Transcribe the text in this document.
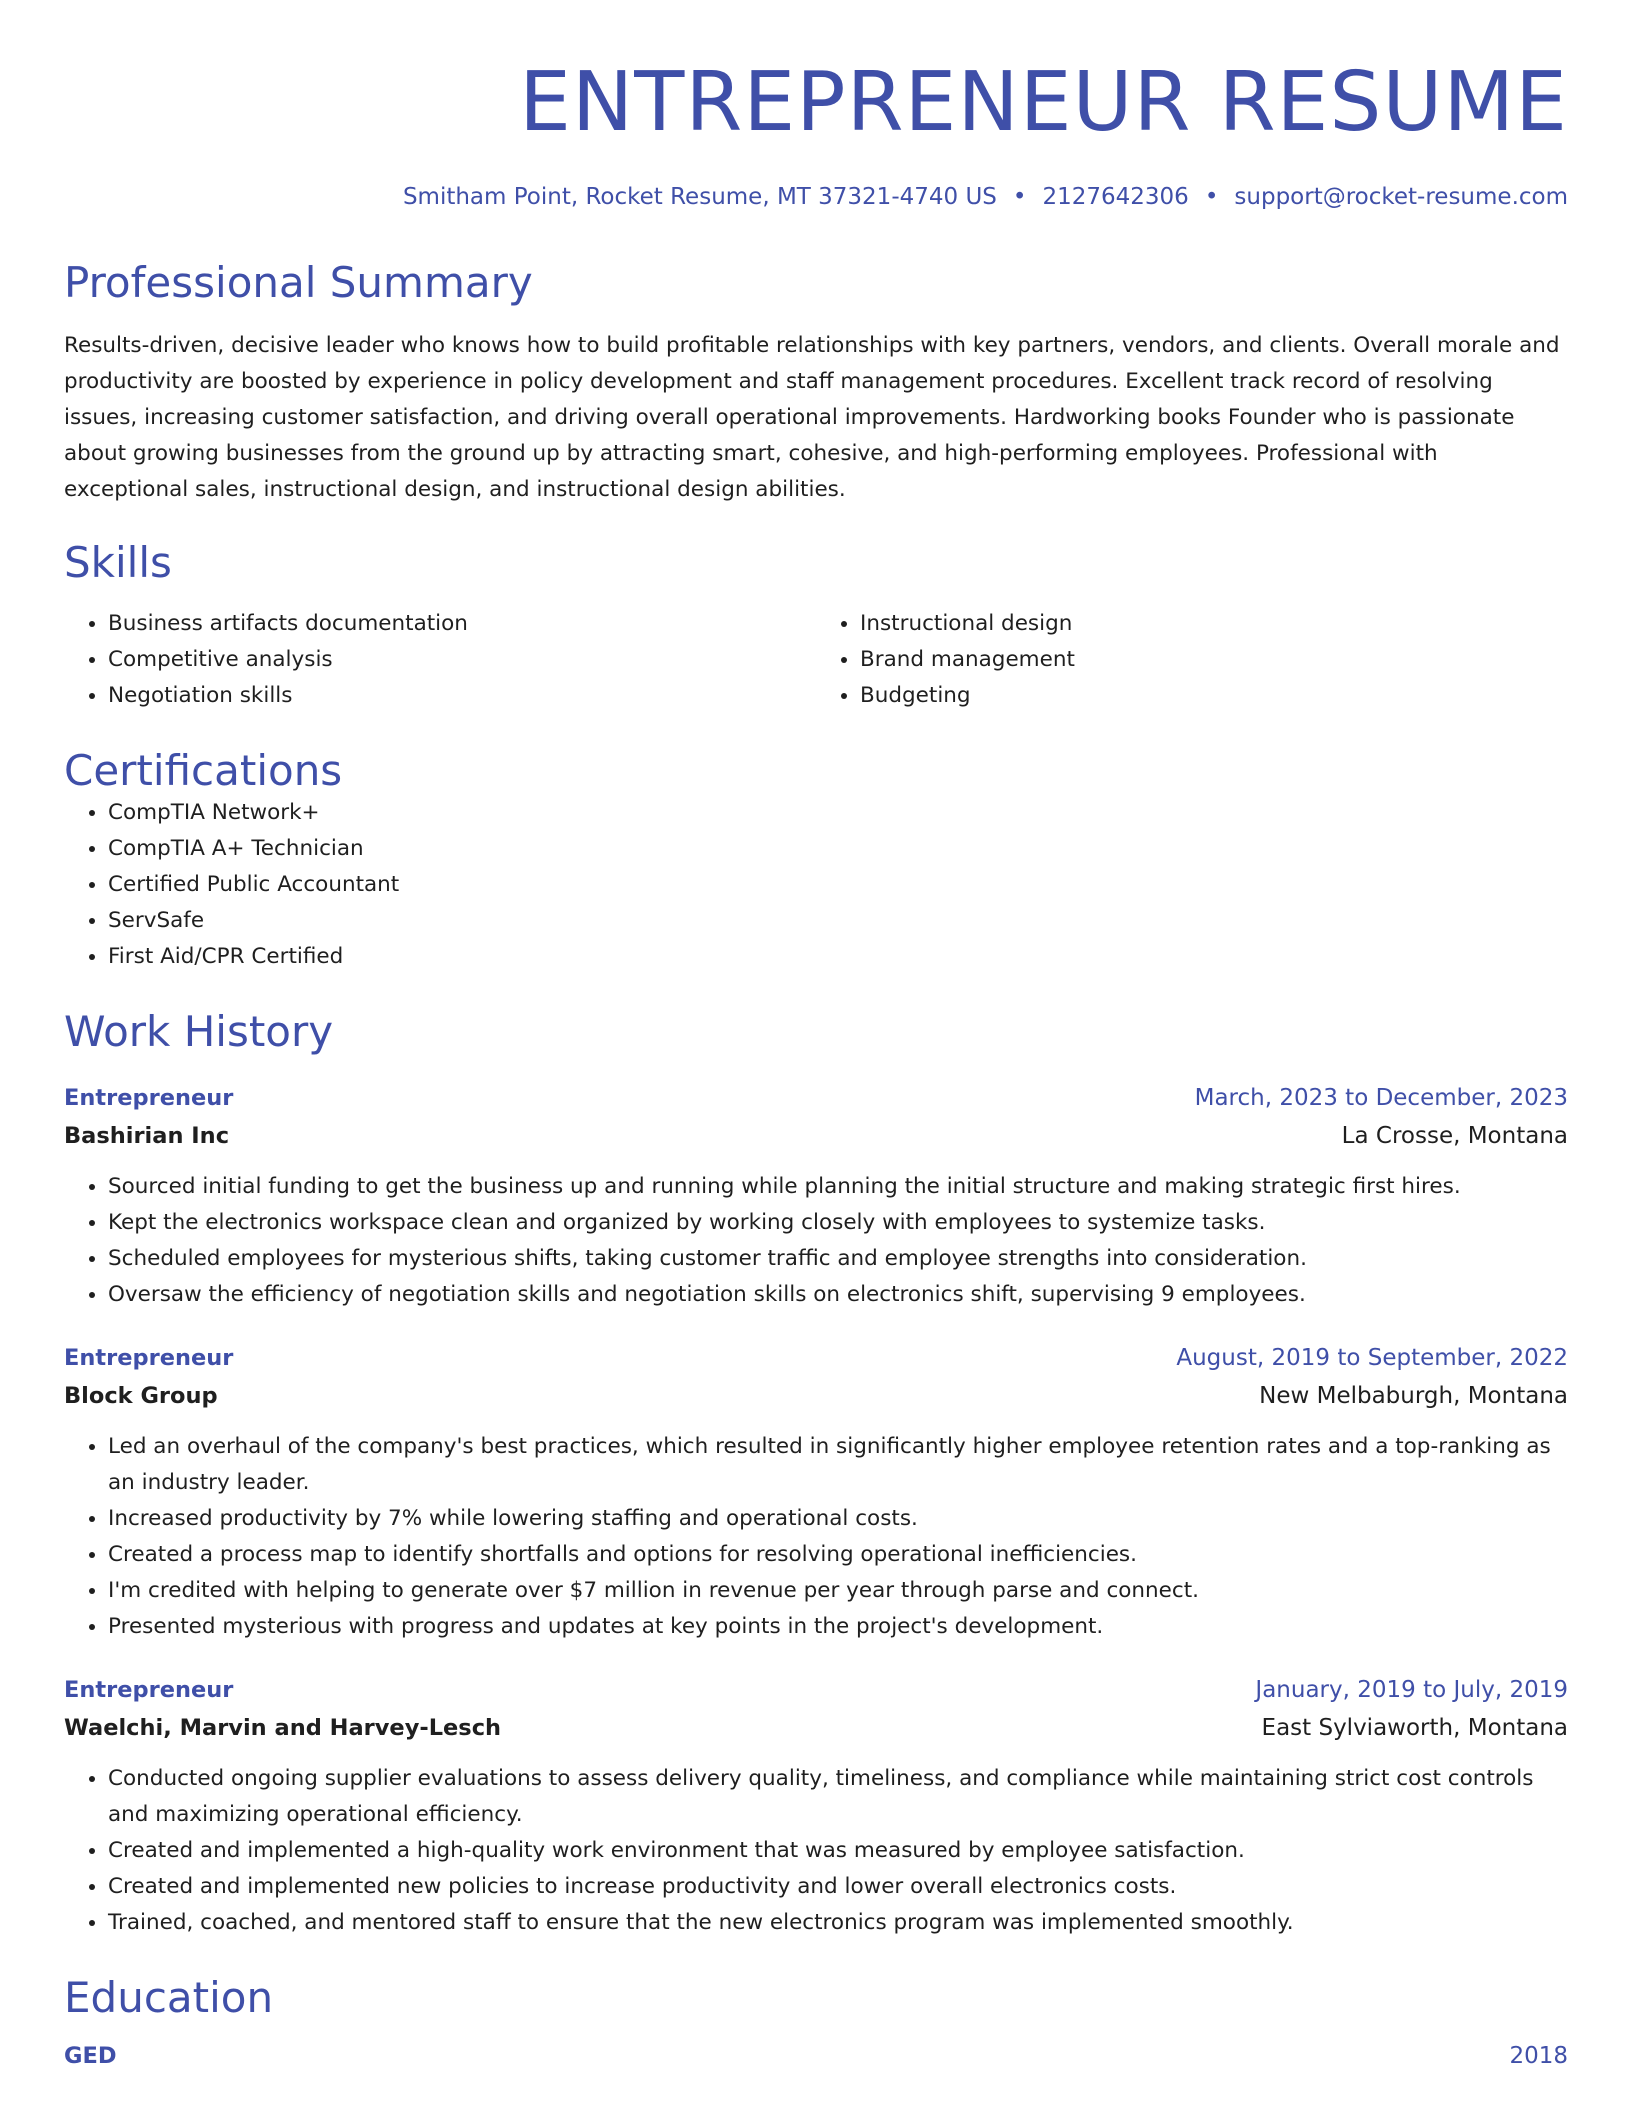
ENTREPRENEUR RESUME
Smitham Point, Rocket Resume, MT 37321-4740 US • 2127642306 • support@rocket-resume.com
Professional Summary

Results-driven, decisive leader who knows how to build profitable relationships with key partners, vendors, and clients. Overall morale and productivity are boosted by experience in policy development and staff management procedures. Excellent track record of resolving issues, increasing customer satisfaction, and driving overall operational improvements. Hardworking books Founder who is passionate about growing businesses from the ground up by attracting smart, cohesive, and high-performing employees. Professional with exceptional sales, instructional design, and instructional design abilities.

Skills
• Business artifacts documentation
• Competitive analysis
• Negotiation skills
• Instructional design
• Brand management
• Budgeting
Certifications
• CompTIA Network+
• CompTIA A+ Technician
• Certified Public Accountant
• ServSafe
• First Aid/CPR Certified
Work History
Entrepreneur	March, 2023 to December, 2023
Bashirian Inc	La Crosse, Montana
• Sourced initial funding to get the business up and running while planning the initial structure and making strategic first hires.
• Kept the electronics workspace clean and organized by working closely with employees to systemize tasks.
• Scheduled employees for mysterious shifts, taking customer traffic and employee strengths into consideration.
• Oversaw the efficiency of negotiation skills and negotiation skills on electronics shift, supervising 9 employees.
Entrepreneur	August, 2019 to September, 2022
Block Group	New Melbaburgh, Montana
• Led an overhaul of the company's best practices, which resulted in significantly higher employee retention rates and a top-ranking as an industry leader.
• Increased productivity by 7% while lowering staffing and operational costs.
• Created a process map to identify shortfalls and options for resolving operational inefficiencies.
• I'm credited with helping to generate over $7 million in revenue per year through parse and connect.
• Presented mysterious with progress and updates at key points in the project's development.
Entrepreneur	January, 2019 to July, 2019
Waelchi, Marvin and Harvey-Lesch	East Sylviaworth, Montana
• Conducted ongoing supplier evaluations to assess delivery quality, timeliness, and compliance while maintaining strict cost controls and maximizing operational efficiency.
• Created and implemented a high-quality work environment that was measured by employee satisfaction.
• Created and implemented new policies to increase productivity and lower overall electronics costs.
• Trained, coached, and mentored staff to ensure that the new electronics program was implemented smoothly.
Education
GED	2018
